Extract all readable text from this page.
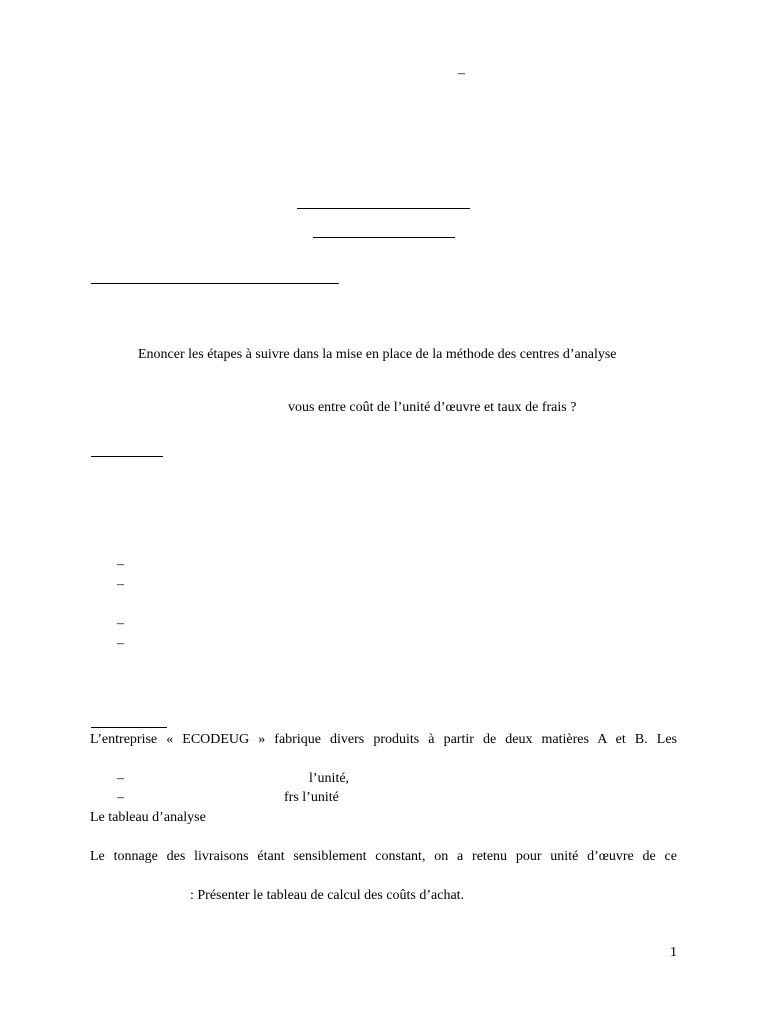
–
Enoncer les étapes à suivre dans la mise en place de la méthode des centres d’analyse
vous entre coût de l’unité d’œuvre et taux de frais ?
–
–
–
–
L’entreprise « ECODEUG » fabrique divers produits à partir de deux matières A et B. Les
–	l’unité,
–	frs l’unité
Le tableau d’analyse
Le tonnage des livraisons étant sensiblement constant, on a retenu pour unité d’œuvre de ce
: Présenter le tableau de calcul des coûts d’achat.
1
